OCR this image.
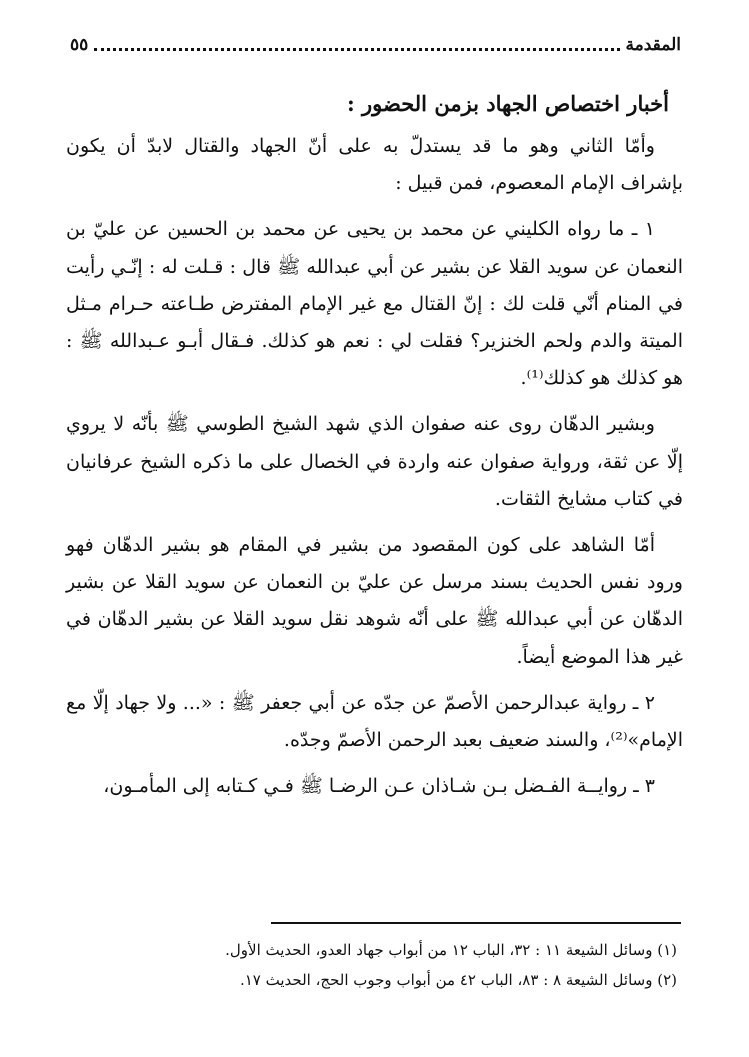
المقدمة
٥٥
أخبار اختصاص الجهاد بزمن الحضور :

وأمّا الثاني وهو ما قد يستدلّ به على أنّ الجهاد والقتال لابدّ أن يكون بإشراف الإمام المعصوم، فمن قبيل :

١ ـ ما رواه الكليني عن محمد بن يحيى عن محمد بن الحسين عن عليّ بن النعمان عن سويد القلا عن بشير عن أبي عبدالله ﷺ قال : قـلت له : إنّـي رأيت في المنام أنّي قلت لك : إنّ القتال مع غير الإمام المفترض طـاعته حـرام مـثل الميتة والدم ولحم الخنزير؟ فقلت لي : نعم هو كذلك. فـقال أبـو عـبدالله ﷺ : هو كذلك هو كذلك⁽¹⁾.

وبشير الدهّان روى عنه صفوان الذي شهد الشيخ الطوسي ﷺ بأنّه لا يروي إلّا عن ثقة، ورواية صفوان عنه واردة في الخصال على ما ذكره الشيخ عرفانيان في كتاب مشايخ الثقات.

أمّا الشاهد على كون المقصود من بشير في المقام هو بشير الدهّان فهو ورود نفس الحديث بسند مرسل عن عليّ بن النعمان عن سويد القلا عن بشير الدهّان عن أبي عبدالله ﷺ على أنّه شوهد نقل سويد القلا عن بشير الدهّان في غير هذا الموضع أيضاً.

٢ ـ رواية عبدالرحمن الأصمّ عن جدّه عن أبي جعفر ﷺ : «... ولا جهاد إلّا مع الإمام»⁽²⁾، والسند ضعيف بعبد الرحمن الأصمّ وجدّه.

٣ ـ روايــة الفـضل بـن شـاذان عـن الرضـا ﷺ فـي كـتابه إلى المأمـون،

(١) وسائل الشيعة ١١ : ٣٢، الباب ١٢ من أبواب جهاد العدو، الحديث الأول.
(٢) وسائل الشيعة ٨ : ٨٣، الباب ٤٢ من أبواب وجوب الحج، الحديث ١٧.
